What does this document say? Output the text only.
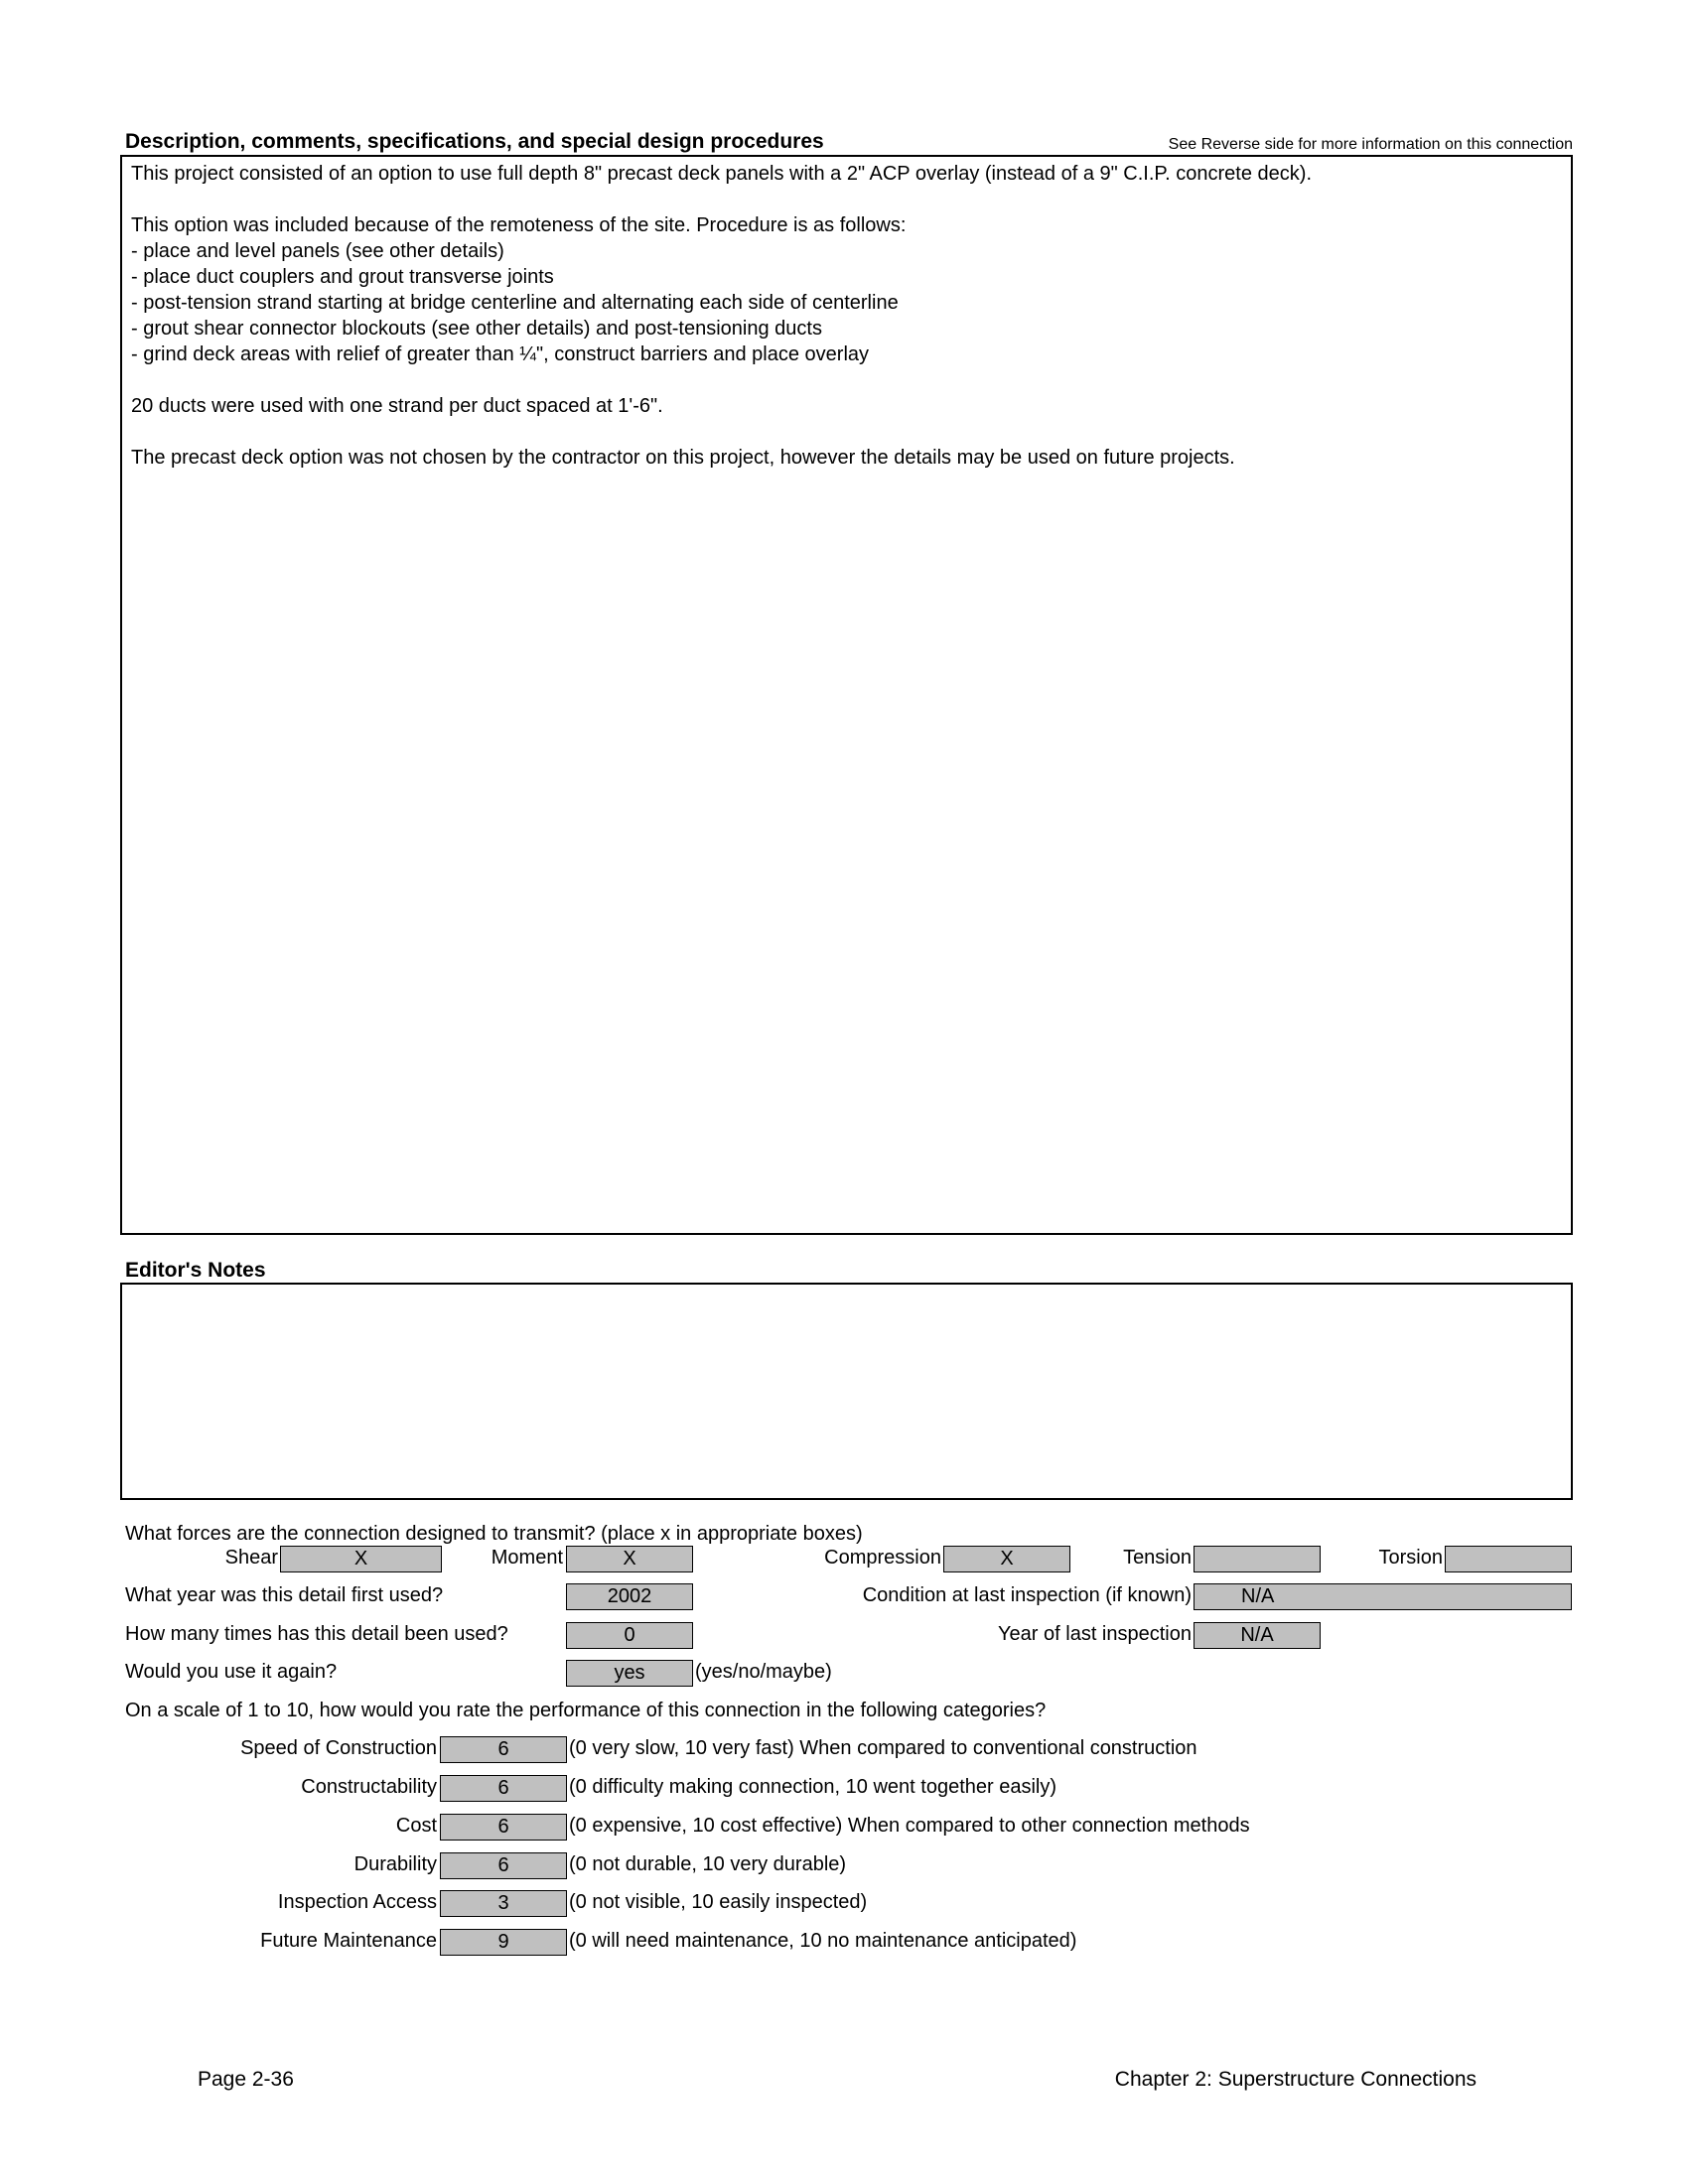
Description, comments, specifications, and special design procedures	See Reverse side for more information on this connection

This project consisted of an option to use full depth 8" precast deck panels with a 2" ACP overlay (instead of a 9" C.I.P. concrete deck).

This option was included because of the remoteness of the site. Procedure is as follows:
- place and level panels (see other details)
- place duct couplers and grout transverse joints
- post-tension strand starting at bridge centerline and alternating each side of centerline
- grout shear connector blockouts (see other details) and post-tensioning ducts
- grind deck areas with relief of greater than ¼", construct barriers and place overlay

20 ducts were used with one strand per duct spaced at 1'-6".

The precast deck option was not chosen by the contractor on this project, however the details may be used on future projects.

Editor's Notes
What forces are the connection designed to transmit? (place x in appropriate boxes)
Shear	X	Moment	X	Compression	X	Tension	Torsion
What year was this detail first used?	2002	Condition at last inspection (if known)	N/A
How many times has this detail been used?	0	Year of last inspection	N/A
Would you use it again?	yes	(yes/no/maybe)
On a scale of 1 to 10, how would you rate the performance of this connection in the following categories?
Speed of Construction	6	(0 very slow, 10 very fast) When compared to conventional construction
Constructability	6	(0 difficulty making connection, 10 went together easily)
Cost	6	(0 expensive, 10 cost effective) When compared to other connection methods
Durability	6	(0 not durable, 10 very durable)
Inspection Access	3	(0 not visible, 10 easily inspected)
Future Maintenance	9	(0 will need maintenance, 10 no maintenance anticipated)
Page 2-36	Chapter 2: Superstructure Connections
